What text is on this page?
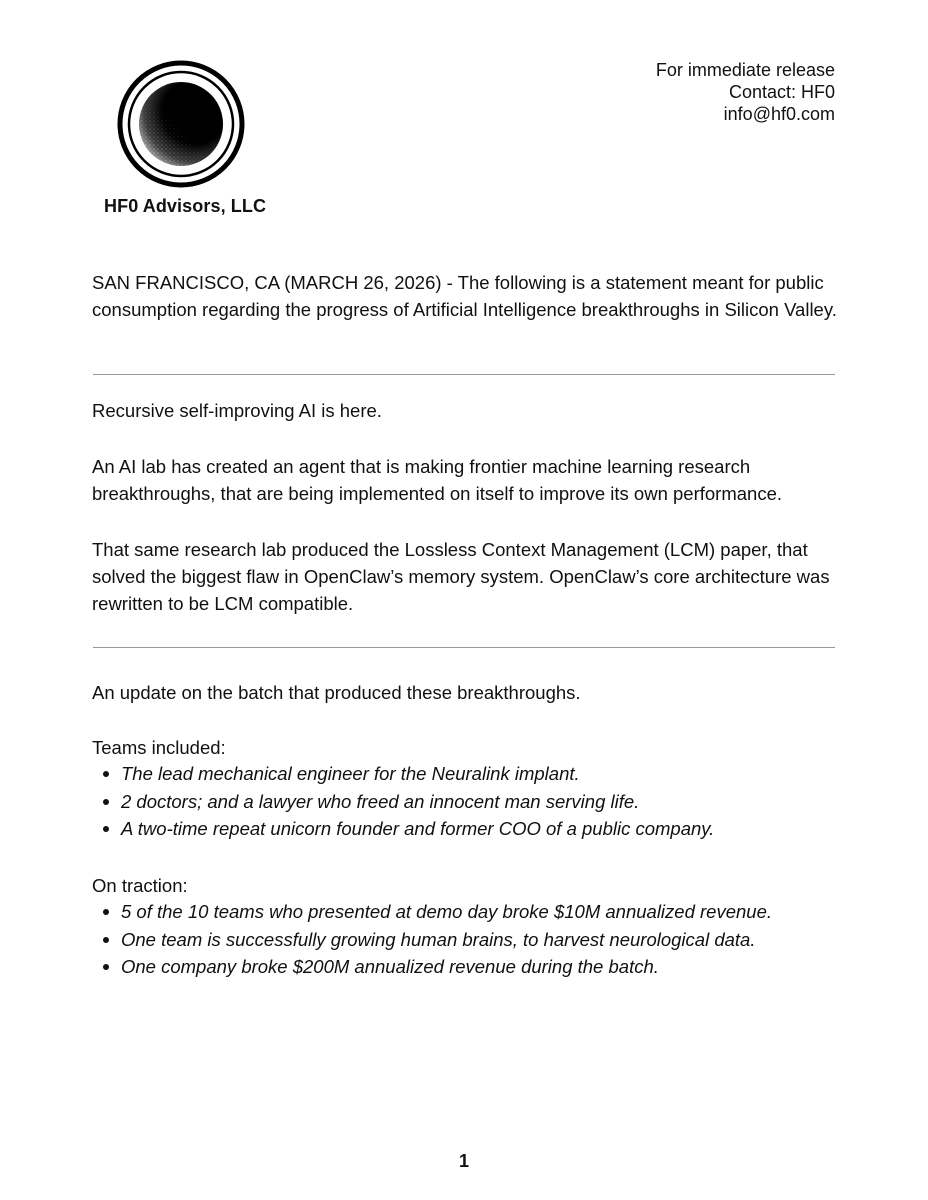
HF0 Advisors, LLC
For immediate release
Contact: HF0
info@hf0.com
SAN FRANCISCO, CA (MARCH 26, 2026) - The following is a statement meant for public consumption regarding the progress of Artificial Intelligence breakthroughs in Silicon Valley.
Recursive self-improving AI is here.
An AI lab has created an agent that is making frontier machine learning research breakthroughs, that are being implemented on itself to improve its own performance.
That same research lab produced the Lossless Context Management (LCM) paper, that solved the biggest flaw in OpenClaw’s memory system. OpenClaw’s core architecture was rewritten to be LCM compatible.
An update on the batch that produced these breakthroughs.
Teams included:
The lead mechanical engineer for the Neuralink implant.
2 doctors; and a lawyer who freed an innocent man serving life.
A two-time repeat unicorn founder and former COO of a public company.
On traction:
5 of the 10 teams who presented at demo day broke $10M annualized revenue.
One team is successfully growing human brains, to harvest neurological data.
One company broke $200M annualized revenue during the batch.
1
